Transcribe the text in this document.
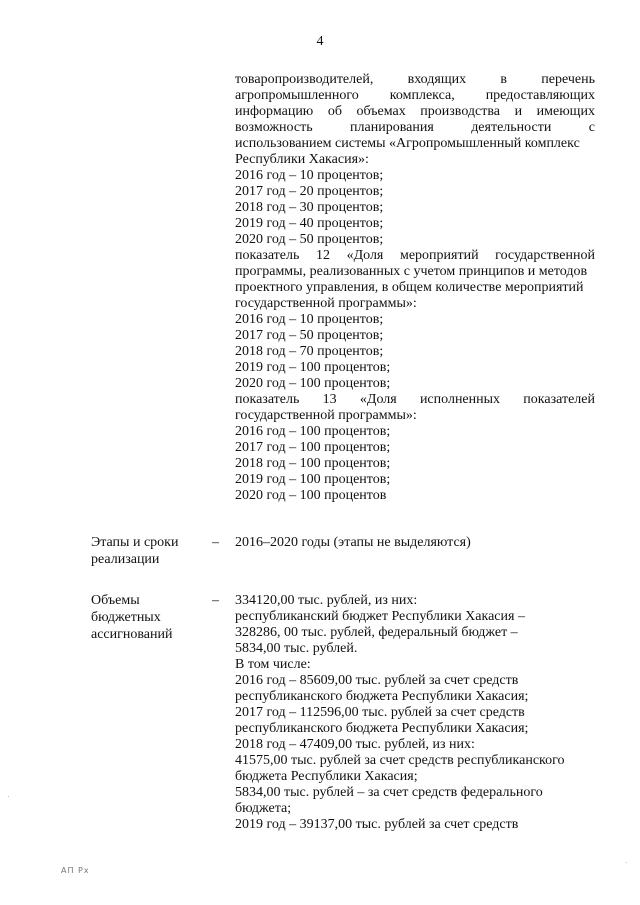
4
товаропроизводителей, входящих в перечень
агропромышленного комплекса, предоставляющих
информацию об объемах производства и имеющих
возможность	планирования	деятельности	с
использованием системы «Агропромышленный комплекс
Республики Хакасия»:
2016 год – 10 процентов;
2017 год – 20 процентов;
2018 год – 30 процентов;
2019 год – 40 процентов;
2020 год – 50 процентов;
показатель 12 «Доля мероприятий государственной
программы, реализованных с учетом принципов и методов
проектного управления, в общем количестве мероприятий
государственной программы»:
2016 год – 10 процентов;
2017 год – 50 процентов;
2018 год – 70 процентов;
2019 год – 100 процентов;
2020 год – 100 процентов;
показатель 13 «Доля исполненных показателей
государственной программы»:
2016 год – 100 процентов;
2017 год – 100 процентов;
2018 год – 100 процентов;
2019 год – 100 процентов;
2020 год – 100 процентов
Этапы и сроки
реализации
– 2016–2020 годы (этапы не выделяются)
Объемы
бюджетных
ассигнований
– 334120,00 тыс. рублей, из них:
республиканский бюджет Республики Хакасия –
328286, 00 тыс. рублей, федеральный бюджет –
5834,00 тыс. рублей.
В том числе:
2016 год – 85609,00 тыс. рублей за счет средств
республиканского бюджета Республики Хакасия;
2017 год – 112596,00 тыс. рублей за счет средств
республиканского бюджета Республики Хакасия;
2018 год – 47409,00 тыс. рублей, из них:
41575,00 тыс. рублей за счет средств республиканского
бюджета Республики Хакасия;
5834,00 тыс. рублей – за счет средств федерального
бюджета;
2019 год – 39137,00 тыс. рублей за счет средств
АП Рх
